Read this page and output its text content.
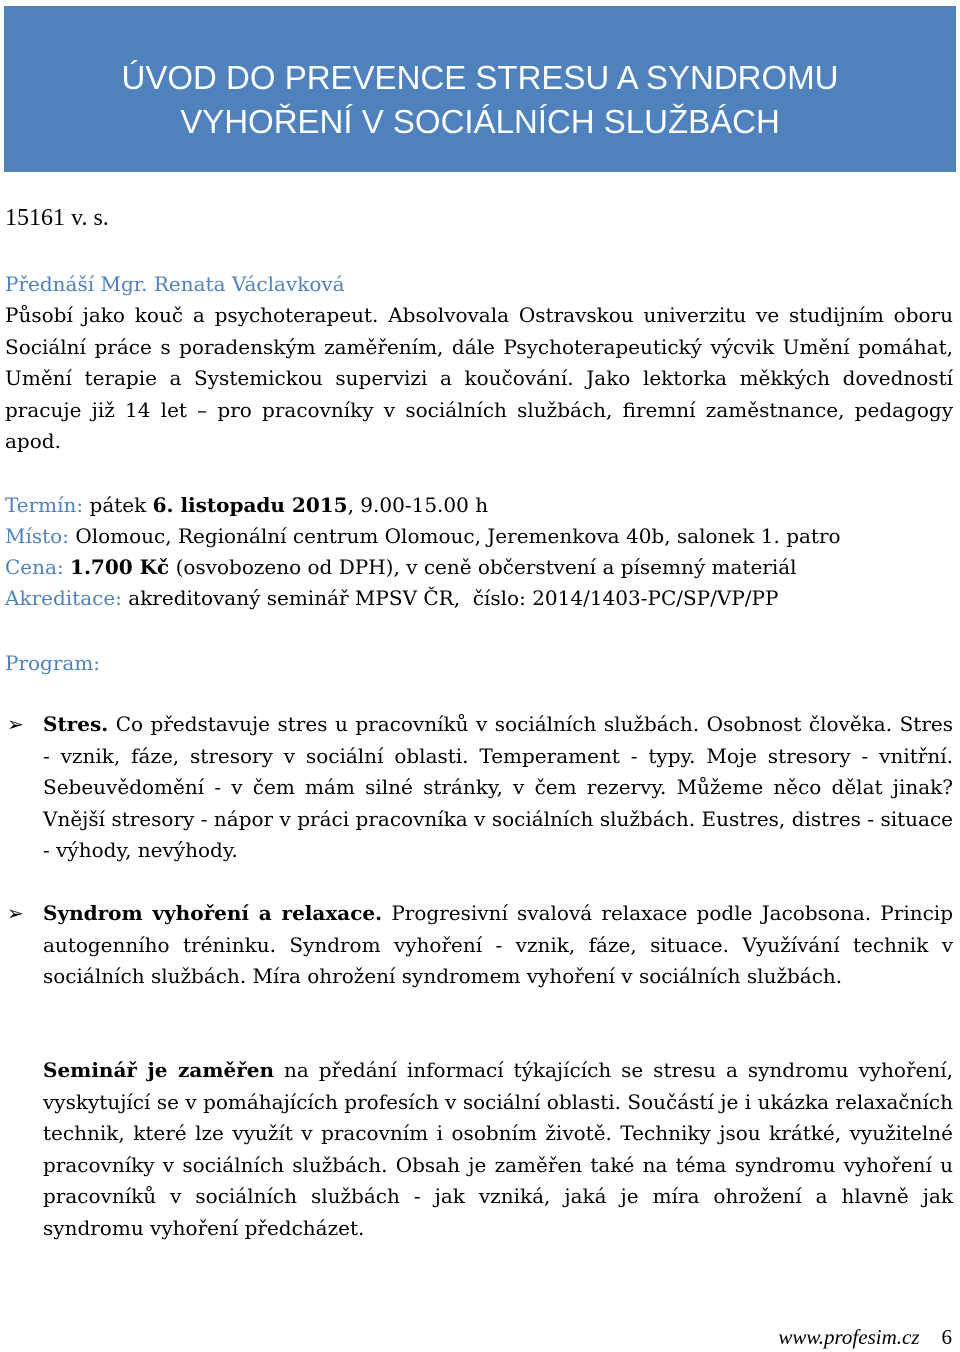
ÚVOD DO PREVENCE STRESU A SYNDROMU
VYHOŘENÍ V SOCIÁLNÍCH SLUŽBÁCH
15161 v. s.
Přednáší Mgr. Renata Václavková
Působí jako kouč a psychoterapeut. Absolvovala Ostravskou univerzitu ve studijním oboru Sociální práce s poradenským zaměřením, dále Psychoterapeutický výcvik Umění pomáhat, Umění terapie a Systemickou supervizi a koučování. Jako lektorka měkkých dovedností pracuje již 14 let – pro pracovníky v sociálních službách, firemní zaměstnance, pedagogy apod.
Termín: pátek 6. listopadu 2015, 9.00-15.00 h
Místo: Olomouc, Regionální centrum Olomouc, Jeremenkova 40b, salonek 1. patro
Cena: 1.700 Kč (osvobozeno od DPH), v ceně občerstvení a písemný materiál
Akreditace: akreditovaný seminář MPSV ČR,  číslo: 2014/1403-PC/SP/VP/PP
Program:
➢ Stres. Co představuje stres u pracovníků v sociálních službách. Osobnost člověka. Stres - vznik, fáze, stresory v sociální oblasti. Temperament - typy. Moje stresory - vnitřní. Sebeuvědomění - v čem mám silné stránky, v čem rezervy. Můžeme něco dělat jinak? Vnější stresory - nápor v práci pracovníka v sociálních službách. Eustres, distres - situace - výhody, nevýhody.
➢ Syndrom vyhoření a relaxace. Progresivní svalová relaxace podle Jacobsona. Princip autogenního tréninku. Syndrom vyhoření - vznik, fáze, situace. Využívání technik v sociálních službách. Míra ohrožení syndromem vyhoření v sociálních službách.
Seminář je zaměřen na předání informací týkajících se stresu a syndromu vyhoření, vyskytující se v pomáhajících profesích v sociální oblasti. Součástí je i ukázka relaxačních technik, které lze využít v pracovním i osobním životě. Techniky jsou krátké, využitelné pracovníky v sociálních službách. Obsah je zaměřen také na téma syndromu vyhoření u pracovníků v sociálních službách - jak vzniká, jaká je míra ohrožení a hlavně jak syndromu vyhoření předcházet.
www.profesim.cz 6
